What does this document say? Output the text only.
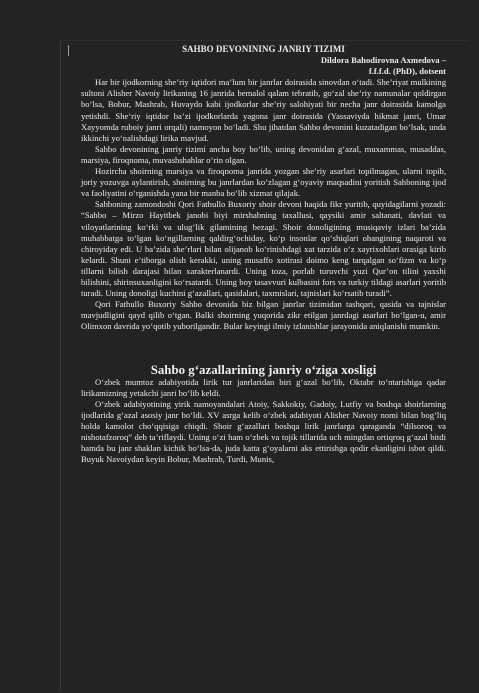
SAHBO DEVONINING JANRIY TIZIMI

Dildora Bahodirovna Axmedova –

f.f.f.d. (PhD), dotsent

Har bir ijodkorning she’riy iqtidori ma’lum bir janrlar doirasida sinovdan o‘tadi. She’riyat mulkining sultoni Alisher Navoiy lirikaning 16 janrida bemalol qalam tebratib, go‘zal she’riy namunalar qoldirgan bo‘lsa, Bobur, Mashrab, Huvaydo kabi ijodkorlar she’riy salohiyati bir necha janr doirasida kamolga yetishdi. She’riy iqtidor ba’zi ijodkorlarda yagona janr doirasida (Yassaviyda hikmat janri, Umar Xayyomda ruboiy janri orqali) namoyon bo‘ladi. Shu jihatdan Sahbo devonini kuzatadigan bo‘lsak, unda ikkinchi yo‘nalishdagi lirika mavjud.

Sahbo devonining janriy tizimi ancha boy bo‘lib, uning devonidan g‘azal, muxammas, musaddas, marsiya, firoqnoma, muvashshahlar o‘rin olgan.

Hozircha shoirning marsiya va firoqnoma janrida yozgan she’riy asarlari topilmagan, ularni topib, joriy yozuvga aylantirish, shoirning bu janrlardan ko‘zlagan g‘oyaviy maqsadini yoritish Sahboning ijod va faoliyatini o‘rganishda yana bir manba bo‘lib xizmat qilajak.

Sahboning zamondoshi Qori Fathullo Buxoriy shoir devoni haqida fikr yuritib, quyidagilarni yozadi: “Sahbo – Mirzo Hayitbek janobi biyi mirshabning taxallusi, qaysiki amir saltanati, davlati va viloyatlarining ko‘rki va ulug‘lik gilamining bezagi. Shoir donoligining musiqaviy izlari ba’zida muhabbatga to‘lgan ko‘ngillarning qaldirg‘ochiday, ko‘p insonlar qo‘shiqlari ohangining naqaroti va chiroyiday edi. U ba’zida she’rlari bilan olijanob ko‘rinishdagi xat tarzida o‘z xayrixohlari orasiga kirib kelardi. Shuni e’tiborga olish kerakki, uning musaffo xotirasi doimo keng tarqalgan so‘fizm va ko‘p tillarni bilish darajasi bilan xarakterlanardi. Uning toza, porlab turuvchi yuzi Qur’on tilini yaxshi bilishini, shirinsuxanligini ko‘rsatardi. Uning boy tasavvuri kulbasini fors va turkiy tildagi asarlari yoritib turadi. Uning donoligi kuchini g‘azallari, qasidalari, taxmislari, tajnislari ko‘rsatib turadi”.

Qori Fathullo Buxoriy Sahbo devonida biz bilgan janrlar tizimidan tashqari, qasida va tajnislar mavjudligini qayd qilib o‘tgan. Balki shoirning yuqorida zikr etilgan janrdagi asarlari bo‘lgan-u, amir Olimxon davrida yo‘qotib yuborilgandir. Bular keyingi ilmiy izlanishlar jarayonida aniqlanishi mumkin.

Sahbo g‘azallarining janriy o‘ziga xosligi

O‘zbek mumtoz adabiyotida lirik tur janrlaridan biri g‘azal bo‘lib, Oktabr to‘ntarishiga qadar lirikamizning yetakchi janri bo‘lib keldi.

O‘zbek adabiyotining yirik namoyandalari Atoiy, Sakkokiy, Gadoiy, Lutfiy va boshqa shoirlarning ijodlarida g‘azal asosiy janr bo‘ldi. XV asrga kelib o‘zbek adabiyoti Alisher Navoiy nomi bilan bog‘liq holda kamolot cho‘qqisiga chiqdi. Shoir g‘azallari boshqa lirik janrlarga qaraganda “dilsoroq va nishotafzoroq” deb ta’riflaydi. Uning o‘zi ham o‘zbek va tojik tillarida uch mingdan ortiqroq g‘azal bitdi hamda bu janr shaklan kichik bo‘lsa-da, juda katta g‘oyalarni aks ettirishga qodir ekanligini isbot qildi. Buyuk Navoiydan keyin Bobur, Mashrab, Turdi, Munis,
